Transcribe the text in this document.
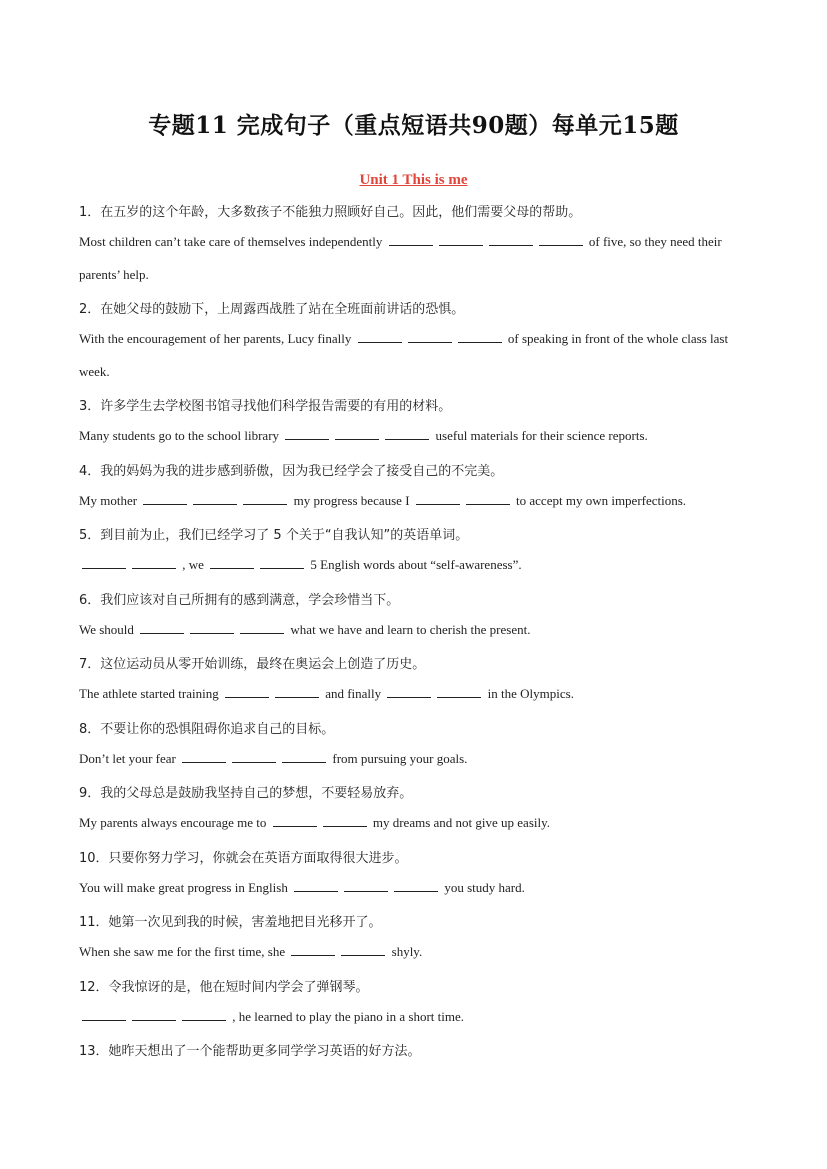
专题11 完成句子（重点短语共90题）每单元15题
Unit 1 This is me

1．在五岁的这个年龄，大多数孩子不能独力照顾好自己。因此，他们需要父母的帮助。

Most children can’t take care of themselves independently	of five, so they need their parents’ help.

2．在她父母的鼓励下，上周露西战胜了站在全班面前讲话的恐惧。

With the encouragement of her parents, Lucy finally	of speaking in front of the whole class last week.

3．许多学生去学校图书馆寻找他们科学报告需要的有用的材料。

Many students go to the school library	useful materials for their science reports.

4．我的妈妈为我的进步感到骄傲，因为我已经学会了接受自己的不完美。

My mother	my progress because I	to accept my own imperfections.

5．到目前为止，我们已经学习了 5 个关于“自我认知”的英语单词。

, we	5 English words about “self-awareness”.

6．我们应该对自己所拥有的感到满意，学会珍惜当下。

We should	what we have and learn to cherish the present.

7．这位运动员从零开始训练，最终在奥运会上创造了历史。

The athlete started training	and finally	in the Olympics.

8．不要让你的恐惧阻碍你追求自己的目标。

Don’t let your fear	from pursuing your goals.

9．我的父母总是鼓励我坚持自己的梦想，不要轻易放弃。

My parents always encourage me to	my dreams and not give up easily.

10．只要你努力学习，你就会在英语方面取得很大进步。

You will make great progress in English	you study hard.

11．她第一次见到我的时候，害羞地把目光移开了。

When she saw me for the first time, she	shyly.

12．令我惊讶的是，他在短时间内学会了弹钢琴。

, he learned to play the piano in a short time.

13．她昨天想出了一个能帮助更多同学学习英语的好方法。
